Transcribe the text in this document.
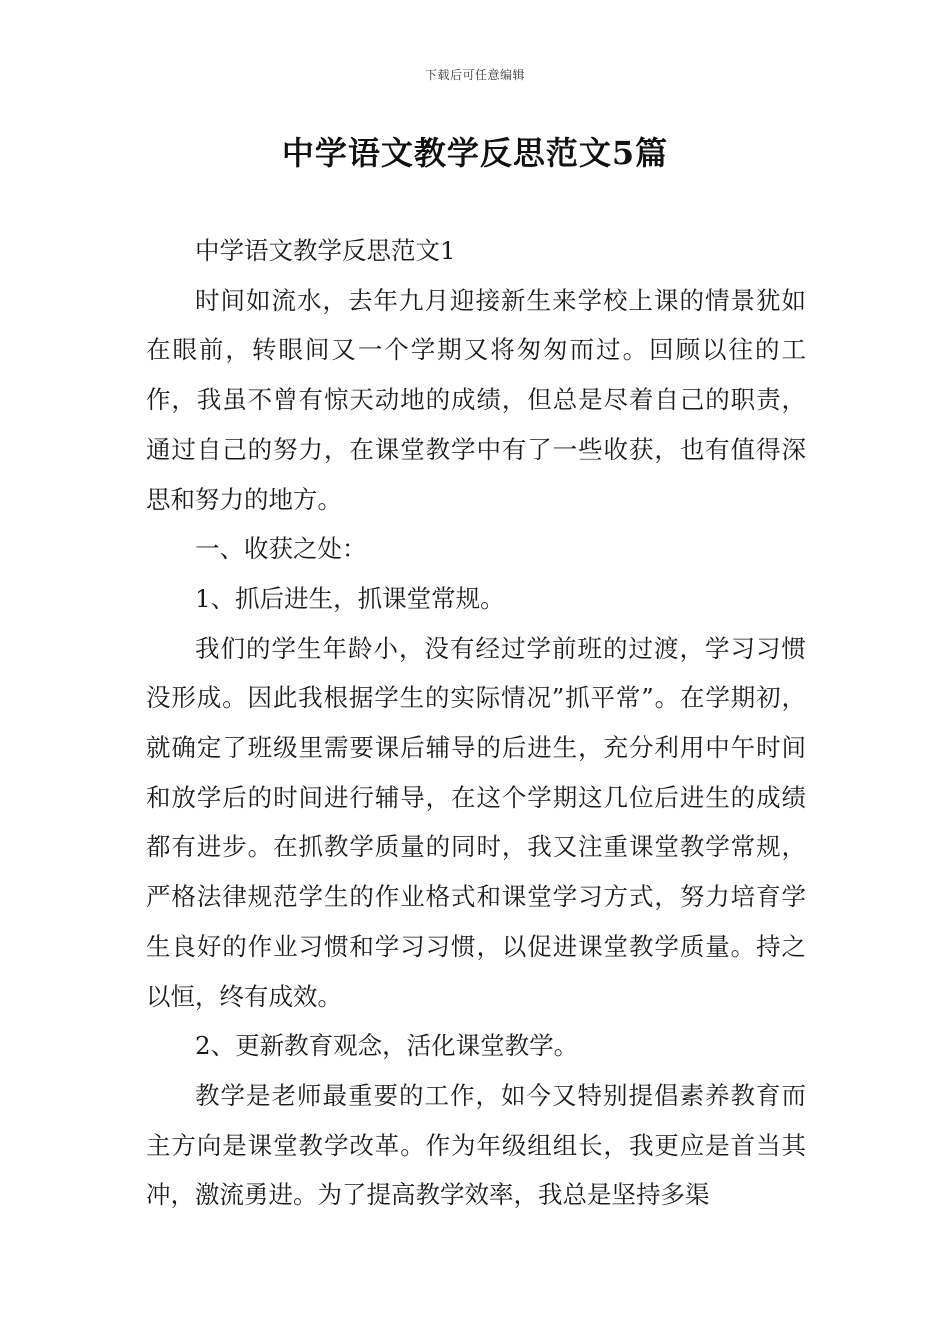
下载后可任意编辑
中学语文教学反思范文5篇

中学语文教学反思范文1

时间如流水，去年九月迎接新生来学校上课的情景犹如在眼前，转眼间又一个学期又将匆匆而过。回顾以往的工作，我虽不曾有惊天动地的成绩，但总是尽着自己的职责，通过自己的努力，在课堂教学中有了一些收获，也有值得深思和努力的地方。

一、收获之处：

1、抓后进生，抓课堂常规。

我们的学生年龄小，没有经过学前班的过渡，学习习惯没形成。因此我根据学生的实际情况”抓平常”。在学期初，就确定了班级里需要课后辅导的后进生，充分利用中午时间和放学后的时间进行辅导，在这个学期这几位后进生的成绩都有进步。在抓教学质量的同时，我又注重课堂教学常规，严格法律规范学生的作业格式和课堂学习方式，努力培育学生良好的作业习惯和学习习惯，以促进课堂教学质量。持之以恒，终有成效。

2、更新教育观念，活化课堂教学。

教学是老师最重要的工作，如今又特别提倡素养教育而主方向是课堂教学改革。作为年级组组长，我更应是首当其冲，激流勇进。为了提高教学效率，我总是坚持多渠
